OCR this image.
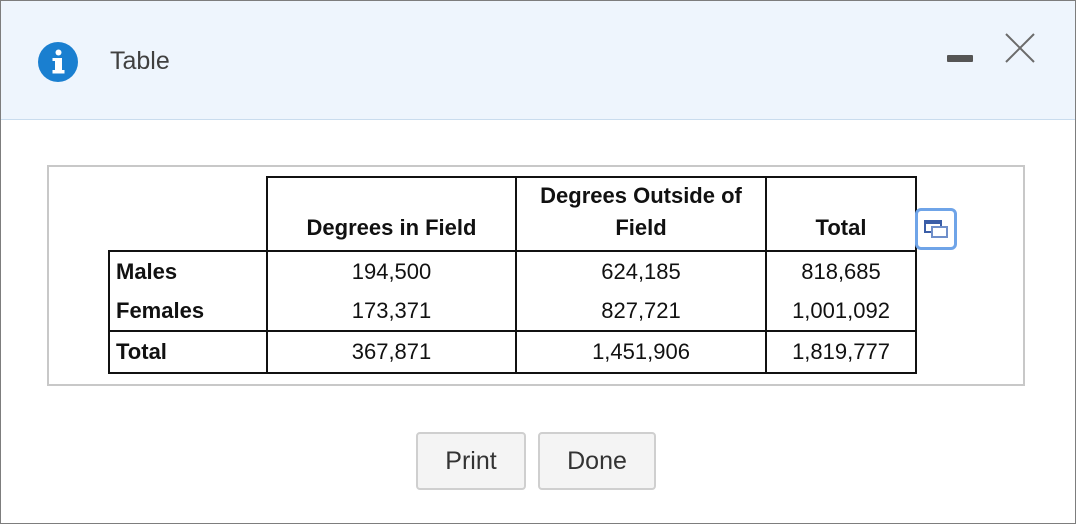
Table
	Degrees in Field	Degrees Outside of Field	Total
Males	194,500	624,185	818,685
Females	173,371	827,721	1,001,092
Total	367,871	1,451,906	1,819,777
Print	Done
